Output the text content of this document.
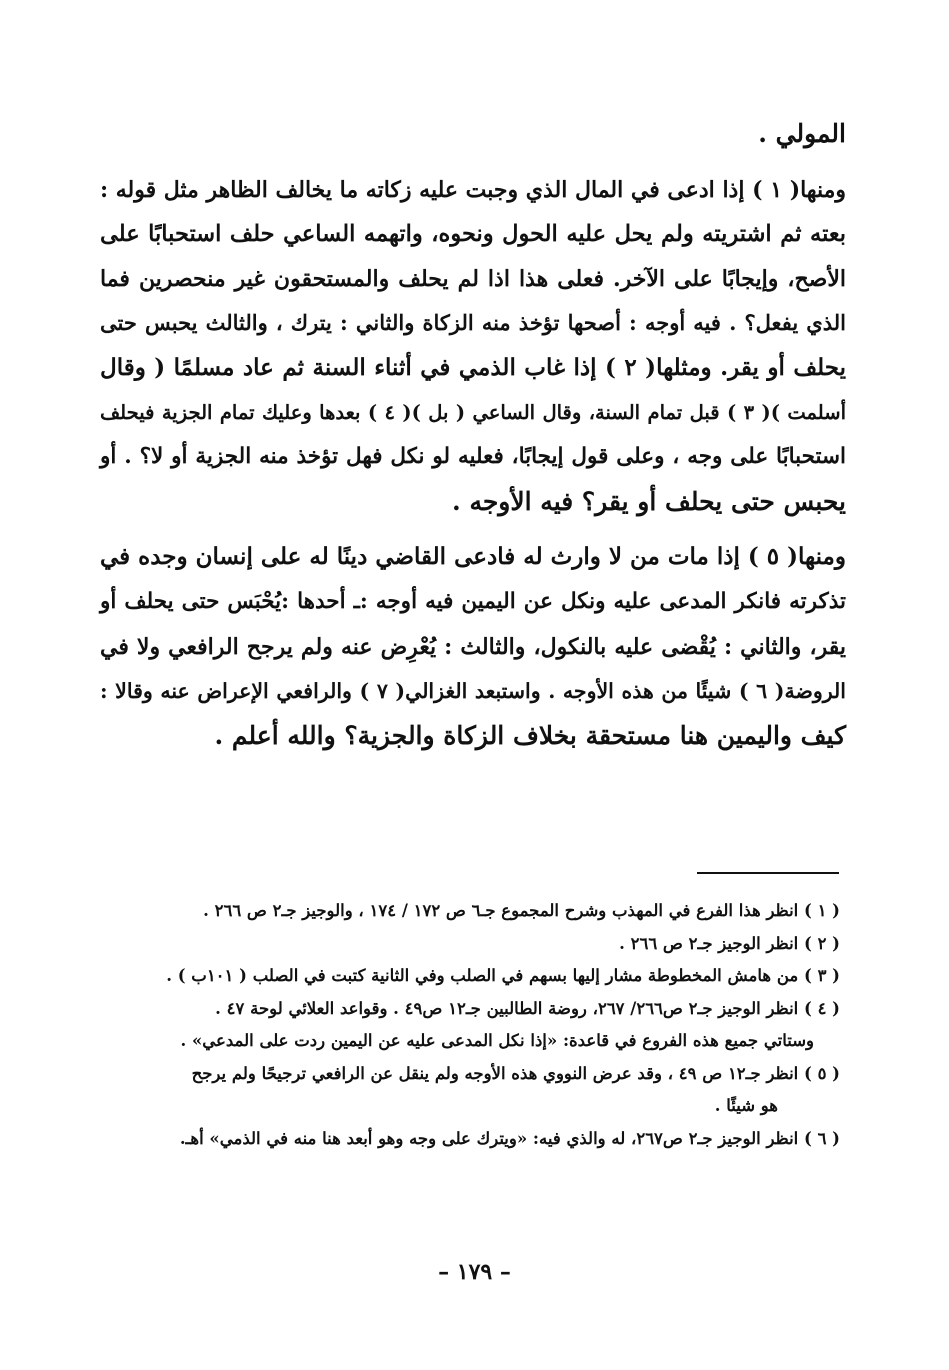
المولي .
ومنها( ١ ) إذا ادعى في المال الذي وجبت عليه زكاته ما يخالف الظاهر مثل قوله :
بعته ثم اشتريته ولم يحل عليه الحول ونحوه، واتهمه الساعي حلف استحبابًا على
الأصح، وإيجابًا على الآخر. فعلى هذا اذا لم يحلف والمستحقون غير منحصرين فما
الذي يفعل؟ . فيه أوجه : أصحها تؤخذ منه الزكاة والثاني : يترك ، والثالث يحبس حتى
يحلف أو يقر. ومثلها( ٢ ) إذا غاب الذمي في أثناء السنة ثم عاد مسلمًا ( وقال
أسلمت )( ٣ ) قبل تمام السنة، وقال الساعي ( بل )( ٤ ) بعدها وعليك تمام الجزية فيحلف
استحبابًا على وجه ، وعلى قول إيجابًا، فعليه لو نكل فهل تؤخذ منه الجزية أو لا؟ . أو
يحبس حتى يحلف أو يقر؟ فيه الأوجه .
ومنها( ٥ ) إذا مات من لا وارث له فادعى القاضي دينًا له على إنسان وجده في
تذكرته فانكر المدعى عليه ونكل عن اليمين فيه أوجه :ـ أحدها :يُحْبَس حتى يحلف أو
يقر، والثاني : يُقْضى عليه بالنكول، والثالث : يُعْرِض عنه ولم يرجح الرافعي ولا في
الروضة( ٦ ) شيئًا من هذه الأوجه . واستبعد الغزالي( ٧ ) والرافعي الإعراض عنه وقالا :
كيف واليمين هنا مستحقة بخلاف الزكاة والجزية؟ والله أعلم .
( ١ ) انظر هذا الفرع في المهذب وشرح المجموع جـ٦ ص ١٧٢ / ١٧٤ ، والوجيز جـ٢ ص ٢٦٦ .
( ٢ ) انظر الوجيز جـ٢ ص ٢٦٦ .
( ٣ ) من هامش المخطوطة مشار إليها بسهم في الصلب وفي الثانية كتبت في الصلب ( ١٠١ب ) .
( ٤ ) انظر الوجيز جـ٢ ص٢٦٦/ ٢٦٧، روضة الطالبين جـ١٢ ص٤٩ . وقواعد العلائي لوحة ٤٧ .
وستاتي جميع هذه الفروع في قاعدة: «إذا نكل المدعى عليه عن اليمين ردت على المدعي» .
( ٥ ) انظر جـ١٢ ص ٤٩ ، وقد عرض النووي هذه الأوجه ولم ينقل عن الرافعي ترجيحًا ولم يرجح
هو شيئًا .
( ٦ ) انظر الوجيز جـ٢ ص٢٦٧، له والذي فيه: «ويترك على وجه وهو أبعد هنا منه في الذمي» أهـ.
– ١٧٩ –
